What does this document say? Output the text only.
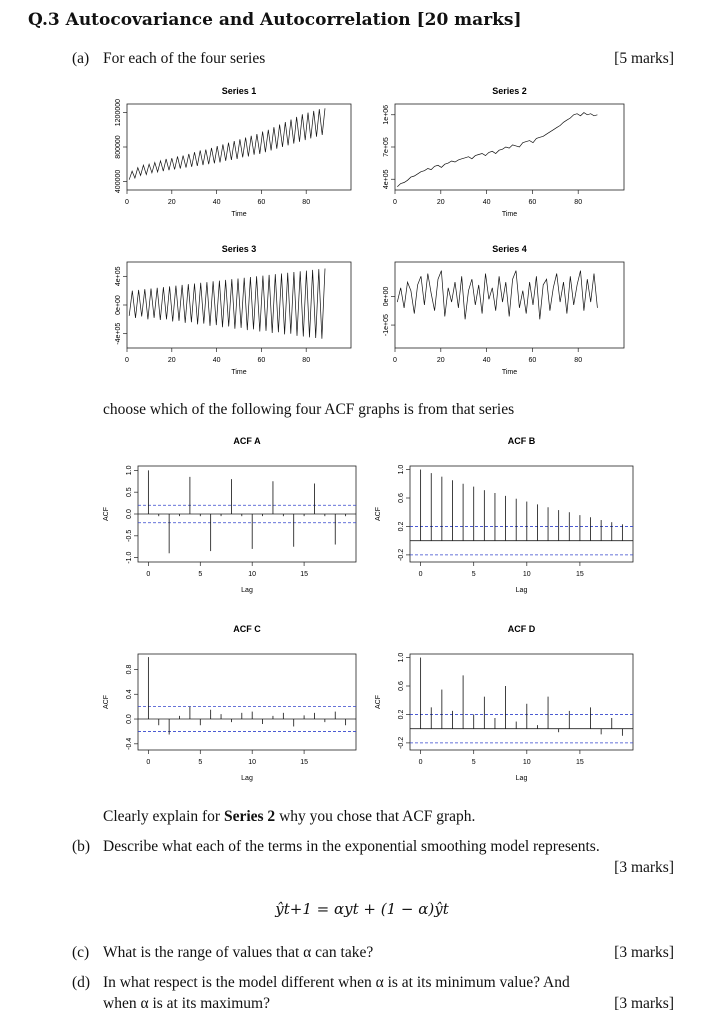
Q.3 Autocovariance and Autocorrelation [20 marks]
(a) For each of the four series	[5 marks]
Series 1
0	20	40	60	80
Time
400000
800000
1200000
Series 2
0	20	40	60	80
Time
4e+05
7e+05
1e+06
Series 3
0	20	40	60	80
Time
-4e+05
0e+00
4e+05
Series 4
0	20	40	60	80
Time
-1e+05
0e+00
choose which of the following four ACF graphs is from that series
ACF A
0	5	10	15
Lag
-1.0
-0.5
0.0
0.5
1.0
ACF
ACF B
0	5	10	15
Lag
-0.2
0.2
0.6
1.0
ACF
ACF C
0	5	10	15
Lag
-0.4
0.0
0.4
0.8
ACF
ACF D
0	5	10	15
Lag
-0.2
0.2
0.6
1.0
ACF
Clearly explain for Series 2 why you chose that ACF graph.
(b) Describe what each of the terms in the exponential smoothing model represents.
[3 marks]
ŷt+1 = αyt + (1 − α)ŷt
(c) What is the range of values that α can take?	[3 marks]
(d) In what respect is the model different when α is at its minimum value? And
when α is at its maximum?	[3 marks]
